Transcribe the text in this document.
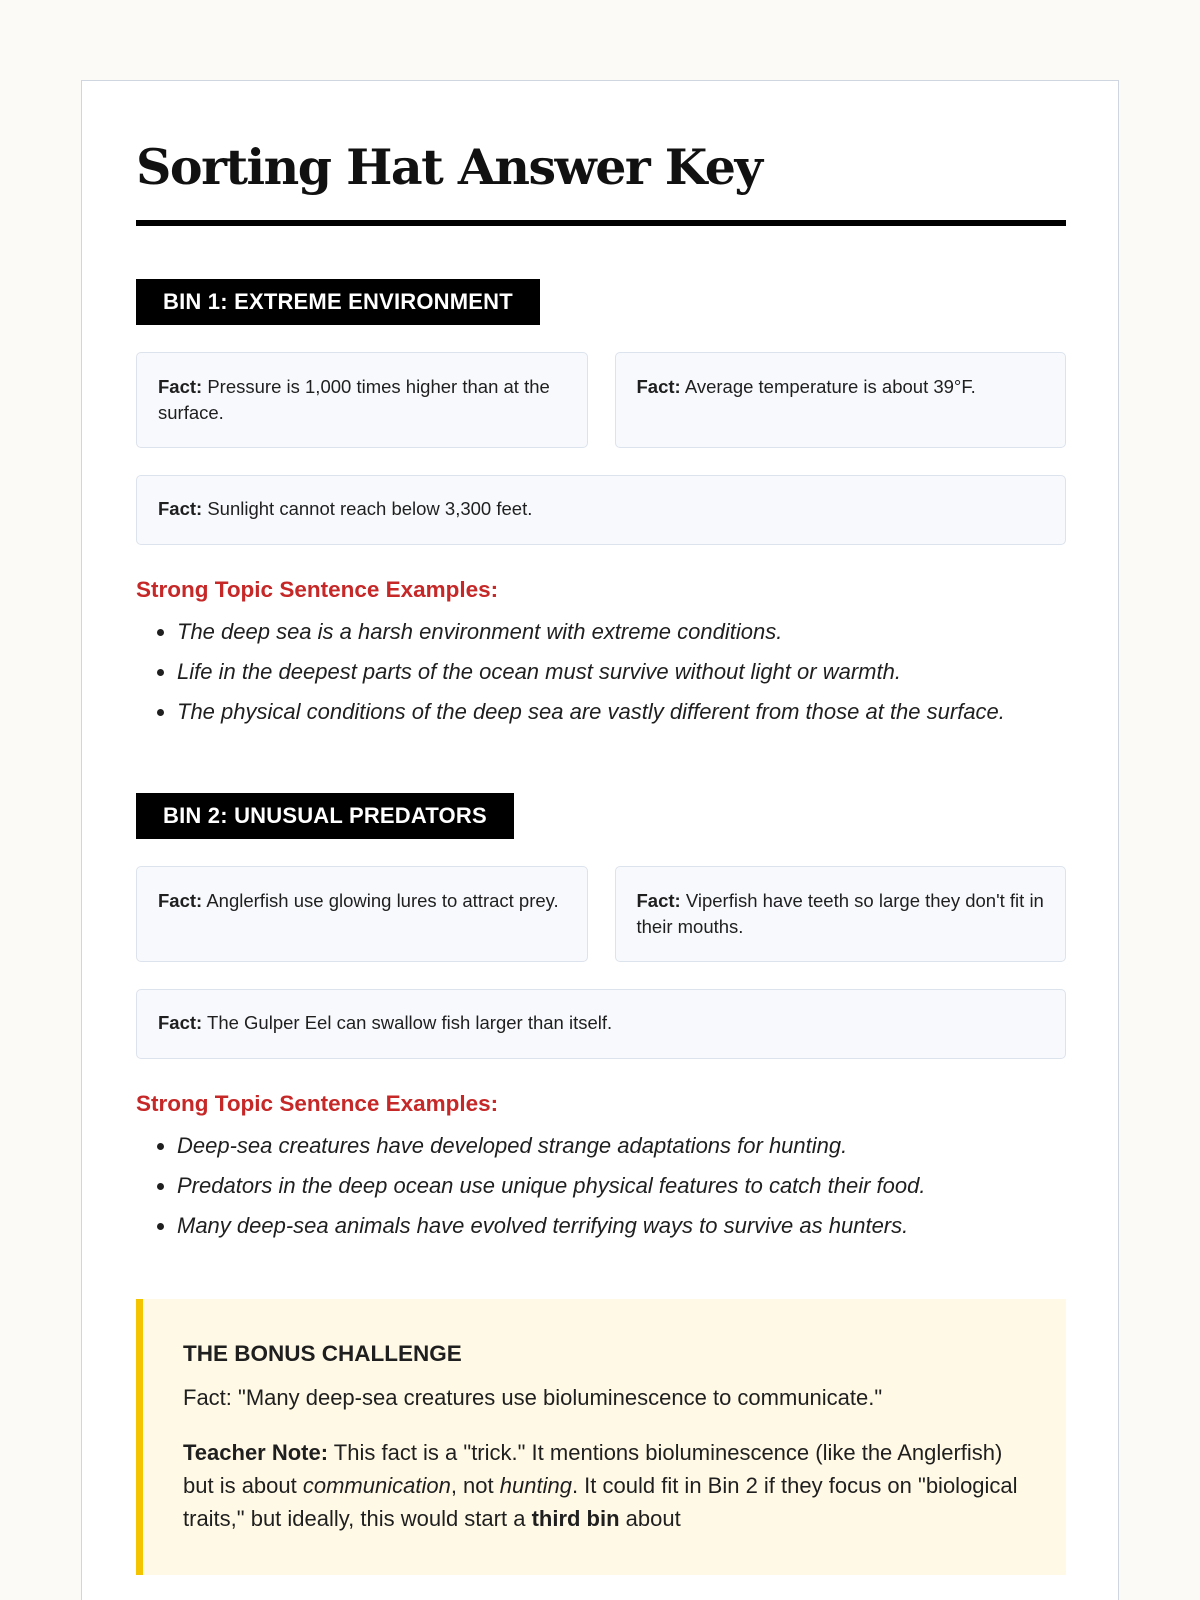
Sorting Hat Answer Key
BIN 1: EXTREME ENVIRONMENT
Fact: Pressure is 1,000 times higher than at the surface.
Fact: Average temperature is about 39°F.
Fact: Sunlight cannot reach below 3,300 feet.
Strong Topic Sentence Examples:
• The deep sea is a harsh environment with extreme conditions.
• Life in the deepest parts of the ocean must survive without light or warmth.
• The physical conditions of the deep sea are vastly different from those at the surface.
BIN 2: UNUSUAL PREDATORS
Fact: Anglerfish use glowing lures to attract prey.	Fact: Viperfish have teeth so large they don't fit in their mouths.
Fact: The Gulper Eel can swallow fish larger than itself.
Strong Topic Sentence Examples:
• Deep-sea creatures have developed strange adaptations for hunting.
• Predators in the deep ocean use unique physical features to catch their food.
• Many deep-sea animals have evolved terrifying ways to survive as hunters.
THE BONUS CHALLENGE
Fact: "Many deep-sea creatures use bioluminescence to communicate."
Teacher Note: This fact is a "trick." It mentions bioluminescence (like the Anglerfish) but is about communication, not hunting. It could fit in Bin 2 if they focus on "biological traits," but ideally, this would start a third bin about
